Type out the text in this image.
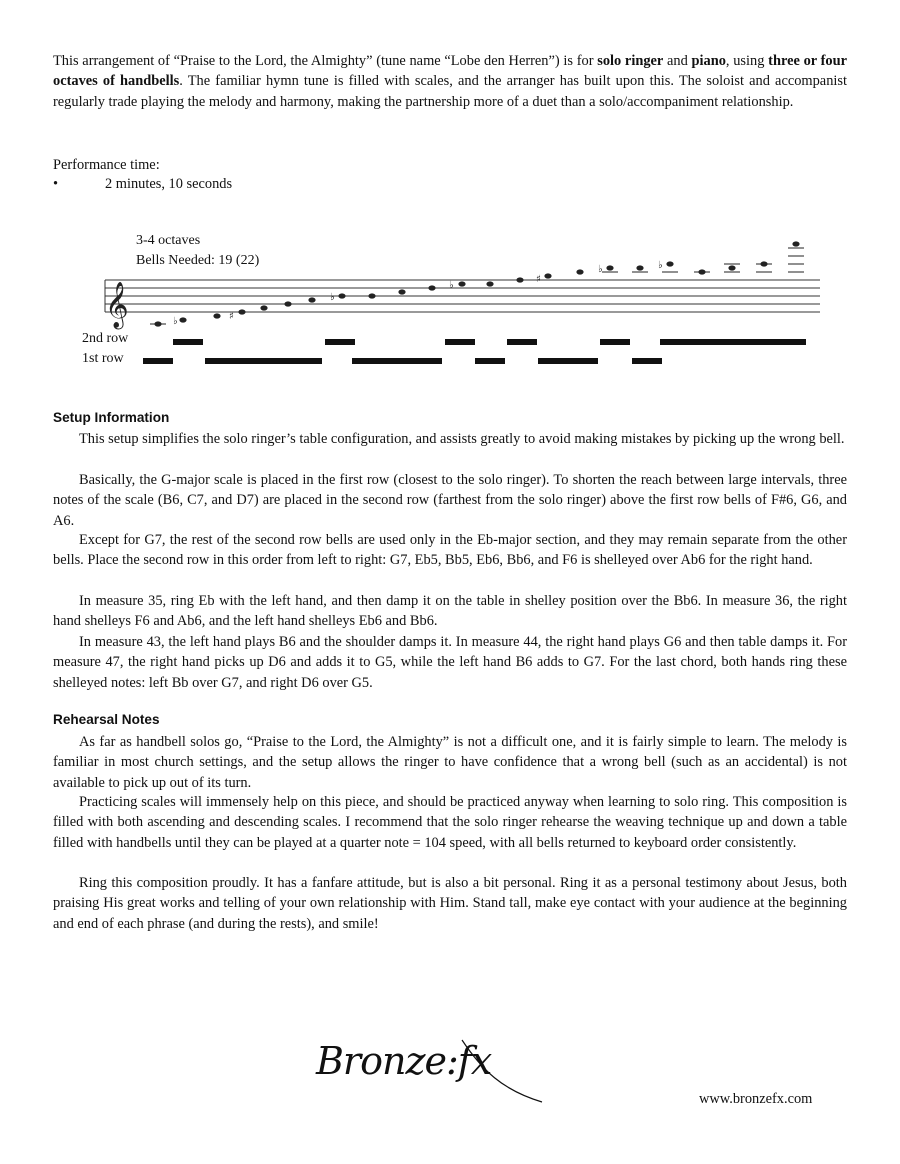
This arrangement of “Praise to the Lord, the Almighty” (tune name “Lobe den Herren”) is for solo ringer and piano, using three or four octaves of handbells. The familiar hymn tune is filled with scales, and the arranger has built upon this. The soloist and accompanist regularly trade playing the melody and harmony, making the partnership more of a duet than a solo/accompaniment relationship.
Performance time:
•	2 minutes, 10 seconds
3-4 octaves
Bells Needed: 19 (22)
2nd row
1st row
𝄞	♭	♯
♭
♭
♯
♭	♭
Setup Information
This setup simplifies the solo ringer’s table configuration, and assists greatly to avoid making mistakes by picking up the wrong bell.
Basically, the G-major scale is placed in the first row (closest to the solo ringer). To shorten the reach between large intervals, three notes of the scale (B6, C7, and D7) are placed in the second row (farthest from the solo ringer) above the first row bells of F#6, G6, and A6.
Except for G7, the rest of the second row bells are used only in the Eb-major section, and they may remain separate from the other bells. Place the second row in this order from left to right: G7, Eb5, Bb5, Eb6, Bb6, and F6 is shelleyed over Ab6 for the right hand.
In measure 35, ring Eb with the left hand, and then damp it on the table in shelley position over the Bb6. In measure 36, the right hand shelleys F6 and Ab6, and the left hand shelleys Eb6 and Bb6.
In measure 43, the left hand plays B6 and the shoulder damps it. In measure 44, the right hand plays G6 and then table damps it. For measure 47, the right hand picks up D6 and adds it to G5, while the left hand B6 adds to G7. For the last chord, both hands ring these shelleyed notes: left Bb over G7, and right D6 over G5.
Rehearsal Notes
As far as handbell solos go, “Praise to the Lord, the Almighty” is not a difficult one, and it is fairly simple to learn. The melody is familiar in most church settings, and the setup allows the ringer to have confidence that a wrong bell (such as an accidental) is not available to pick up out of its turn.
Practicing scales will immensely help on this piece, and should be practiced anyway when learning to solo ring. This composition is filled with both ascending and descending scales. I recommend that the solo ringer rehearse the weaving technique up and down a table filled with handbells until they can be played at a quarter note = 104 speed, with all bells returned to keyboard order consistently.
Ring this composition proudly. It has a fanfare attitude, but is also a bit personal. Ring it as a personal testimony about Jesus, both praising His great works and telling of your own relationship with Him. Stand tall, make eye contact with your audience at the beginning and end of each phrase (and during the rests), and smile!
Bronze:fx
www.bronzefx.com
